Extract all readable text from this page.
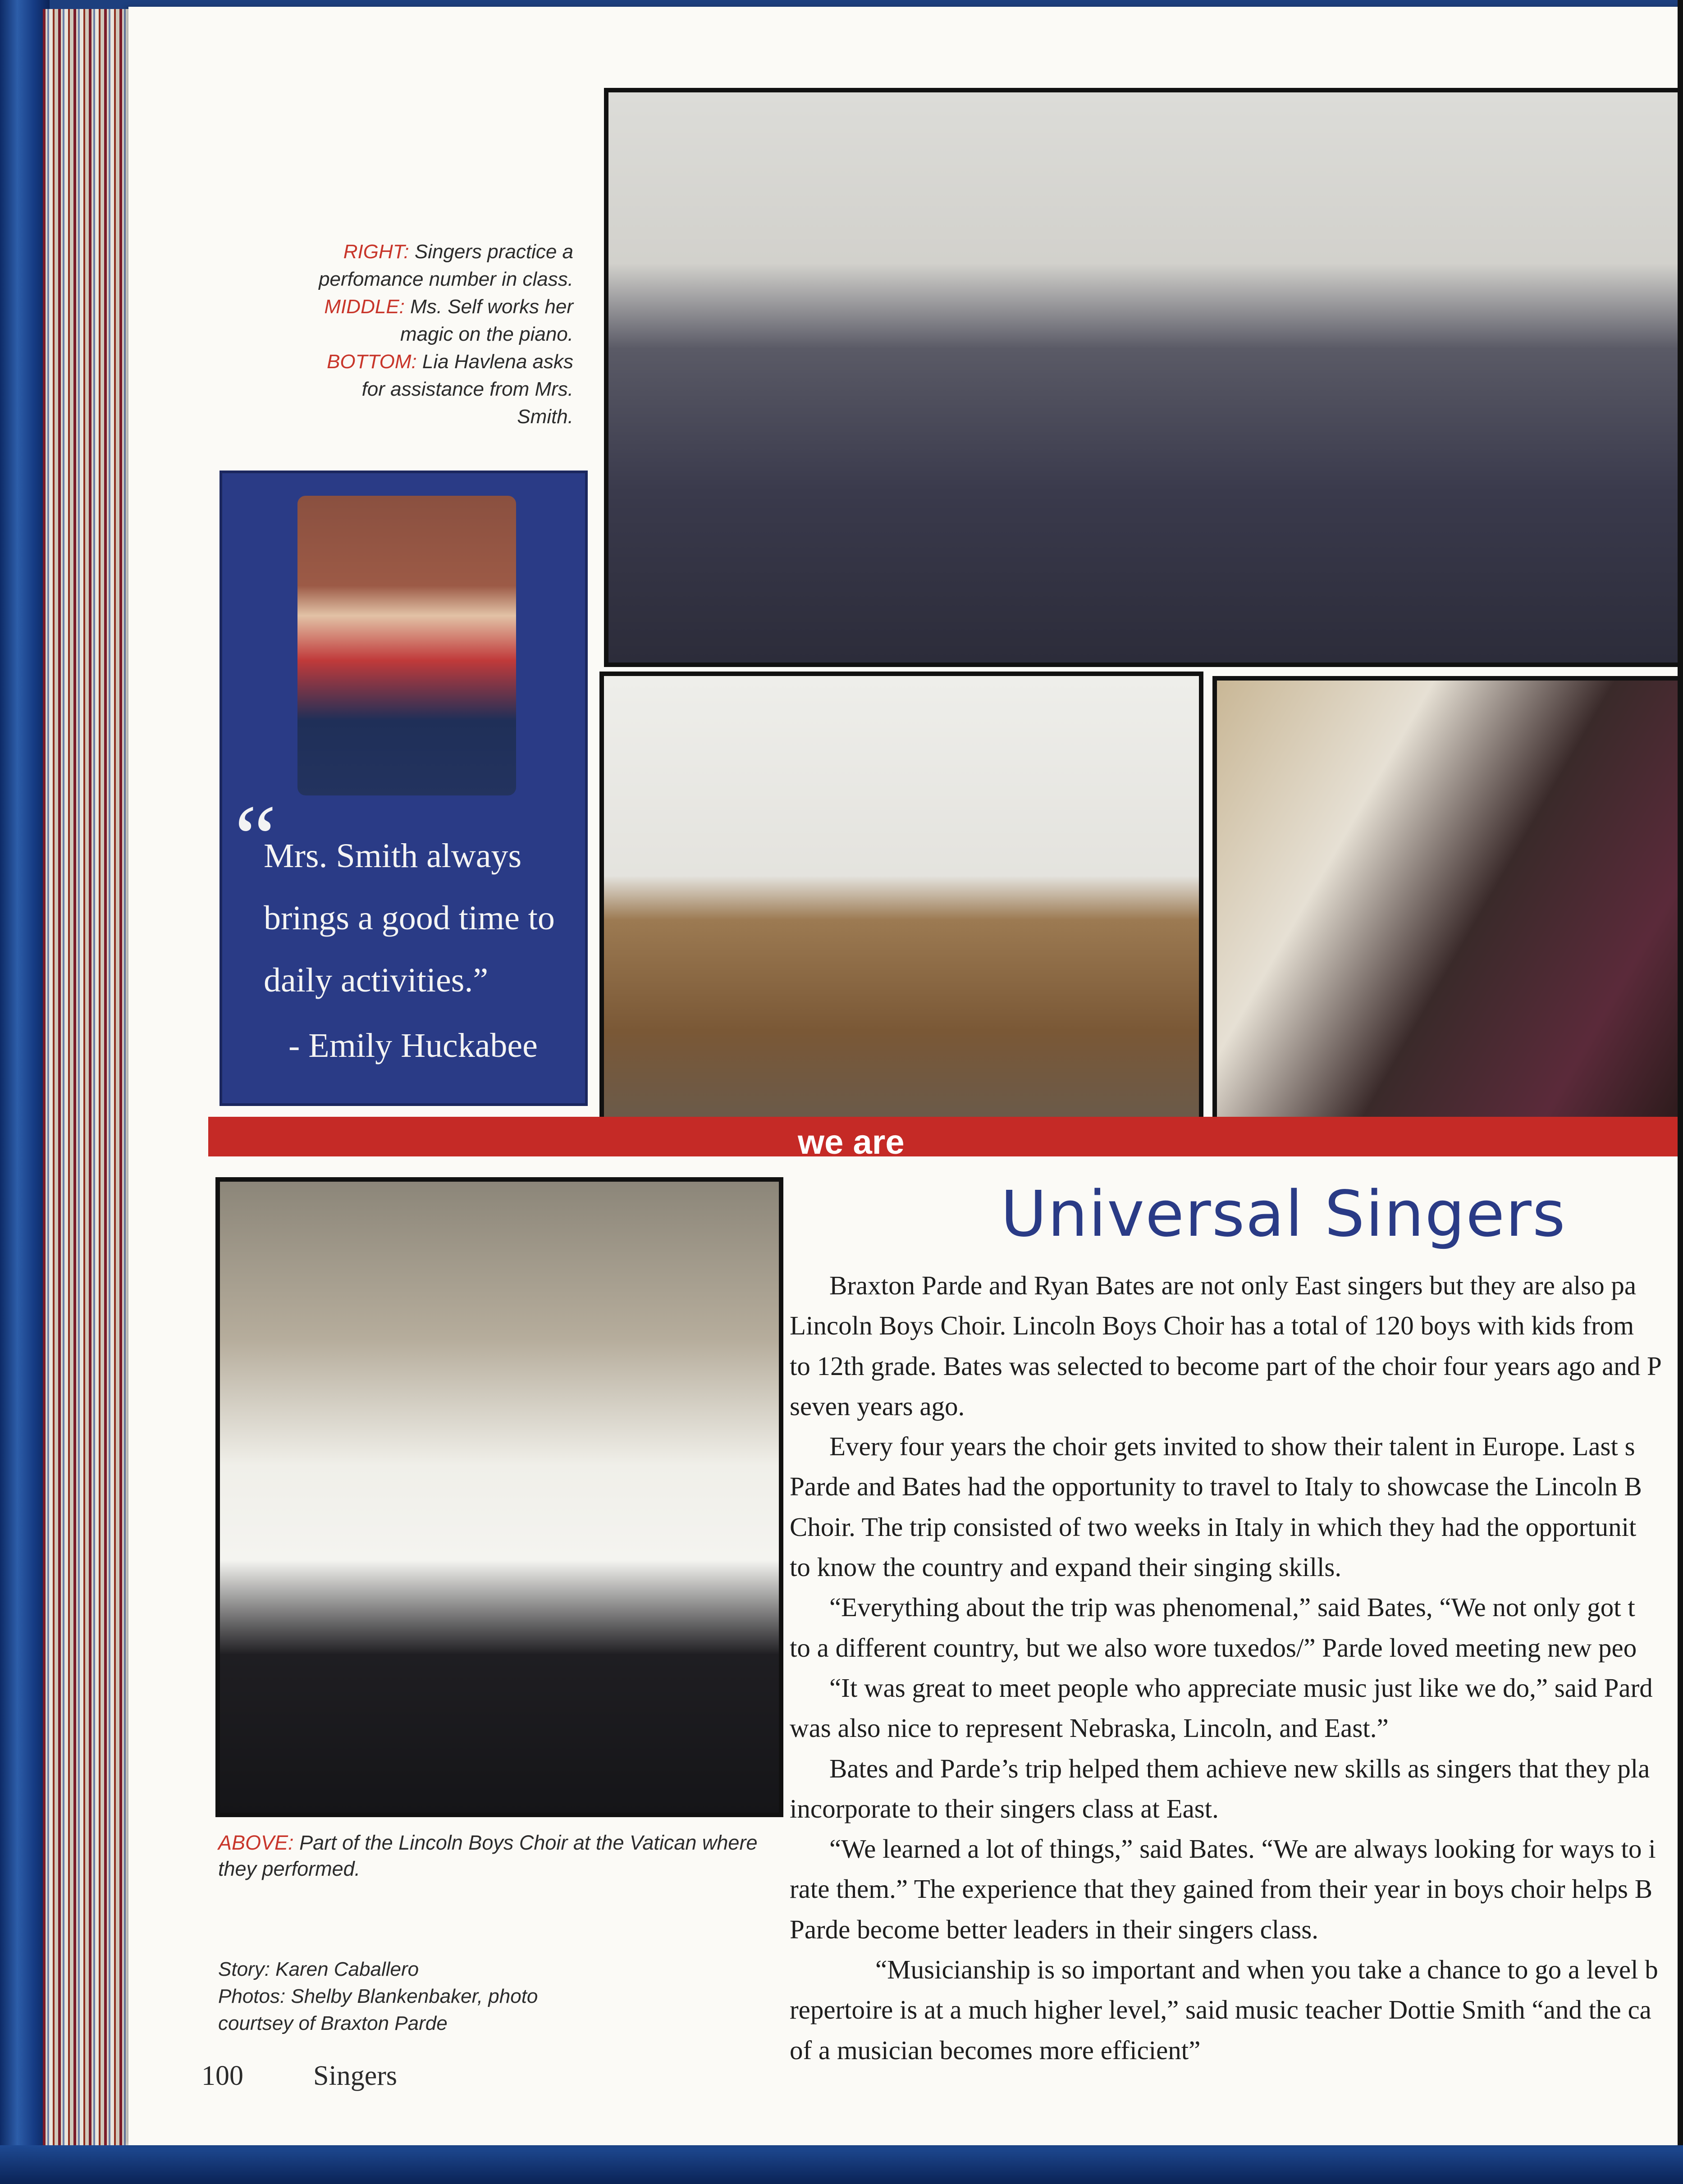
RIGHT: Singers practice a perfomance number in class.
MIDDLE: Ms. Self works her magic on the piano.
BOTTOM: Lia Havlena asks for assistance from Mrs. Smith.
“
Mrs. Smith always brings a good time to daily activities.”
- Emily Huckabee
we are
Universal Singers

Braxton Parde and Ryan Bates are not only East singers but they are also pa

Lincoln Boys Choir. Lincoln Boys Choir has a total of 120 boys with kids from

to 12th grade. Bates was selected to become part of the choir four years ago and P

seven years ago.

Every four years the choir gets invited to show their talent in Europe. Last s

Parde and Bates had the opportunity to travel to Italy to showcase the Lincoln B

Choir. The trip consisted of two weeks in Italy in which they had the opportunit

to know the country and expand their singing skills.

“Everything about the trip was phenomenal,” said Bates, “We not only got t

to a different country, but we also wore tuxedos/” Parde loved meeting new peo

“It was great to meet people who appreciate music just like we do,” said Pard

was also nice to represent Nebraska, Lincoln, and East.”

Bates and Parde’s trip helped them achieve new skills as singers that they pla

incorporate to their singers class at East.

“We learned a lot of things,” said Bates. “We are always looking for ways to i

rate them.” The experience that they gained from their year in boys choir helps B

Parde become better leaders in their singers class.

“Musicianship is so important and when you take a chance to go a level b

repertoire is at a much higher level,” said music teacher Dottie Smith “and the ca

of a musician becomes more efficient”

ABOVE: Part of the Lincoln Boys Choir at the Vatican where they performed.
Story: Karen Caballero
Photos: Shelby Blankenbaker, photo courtsey of Braxton Parde
100	Singers
